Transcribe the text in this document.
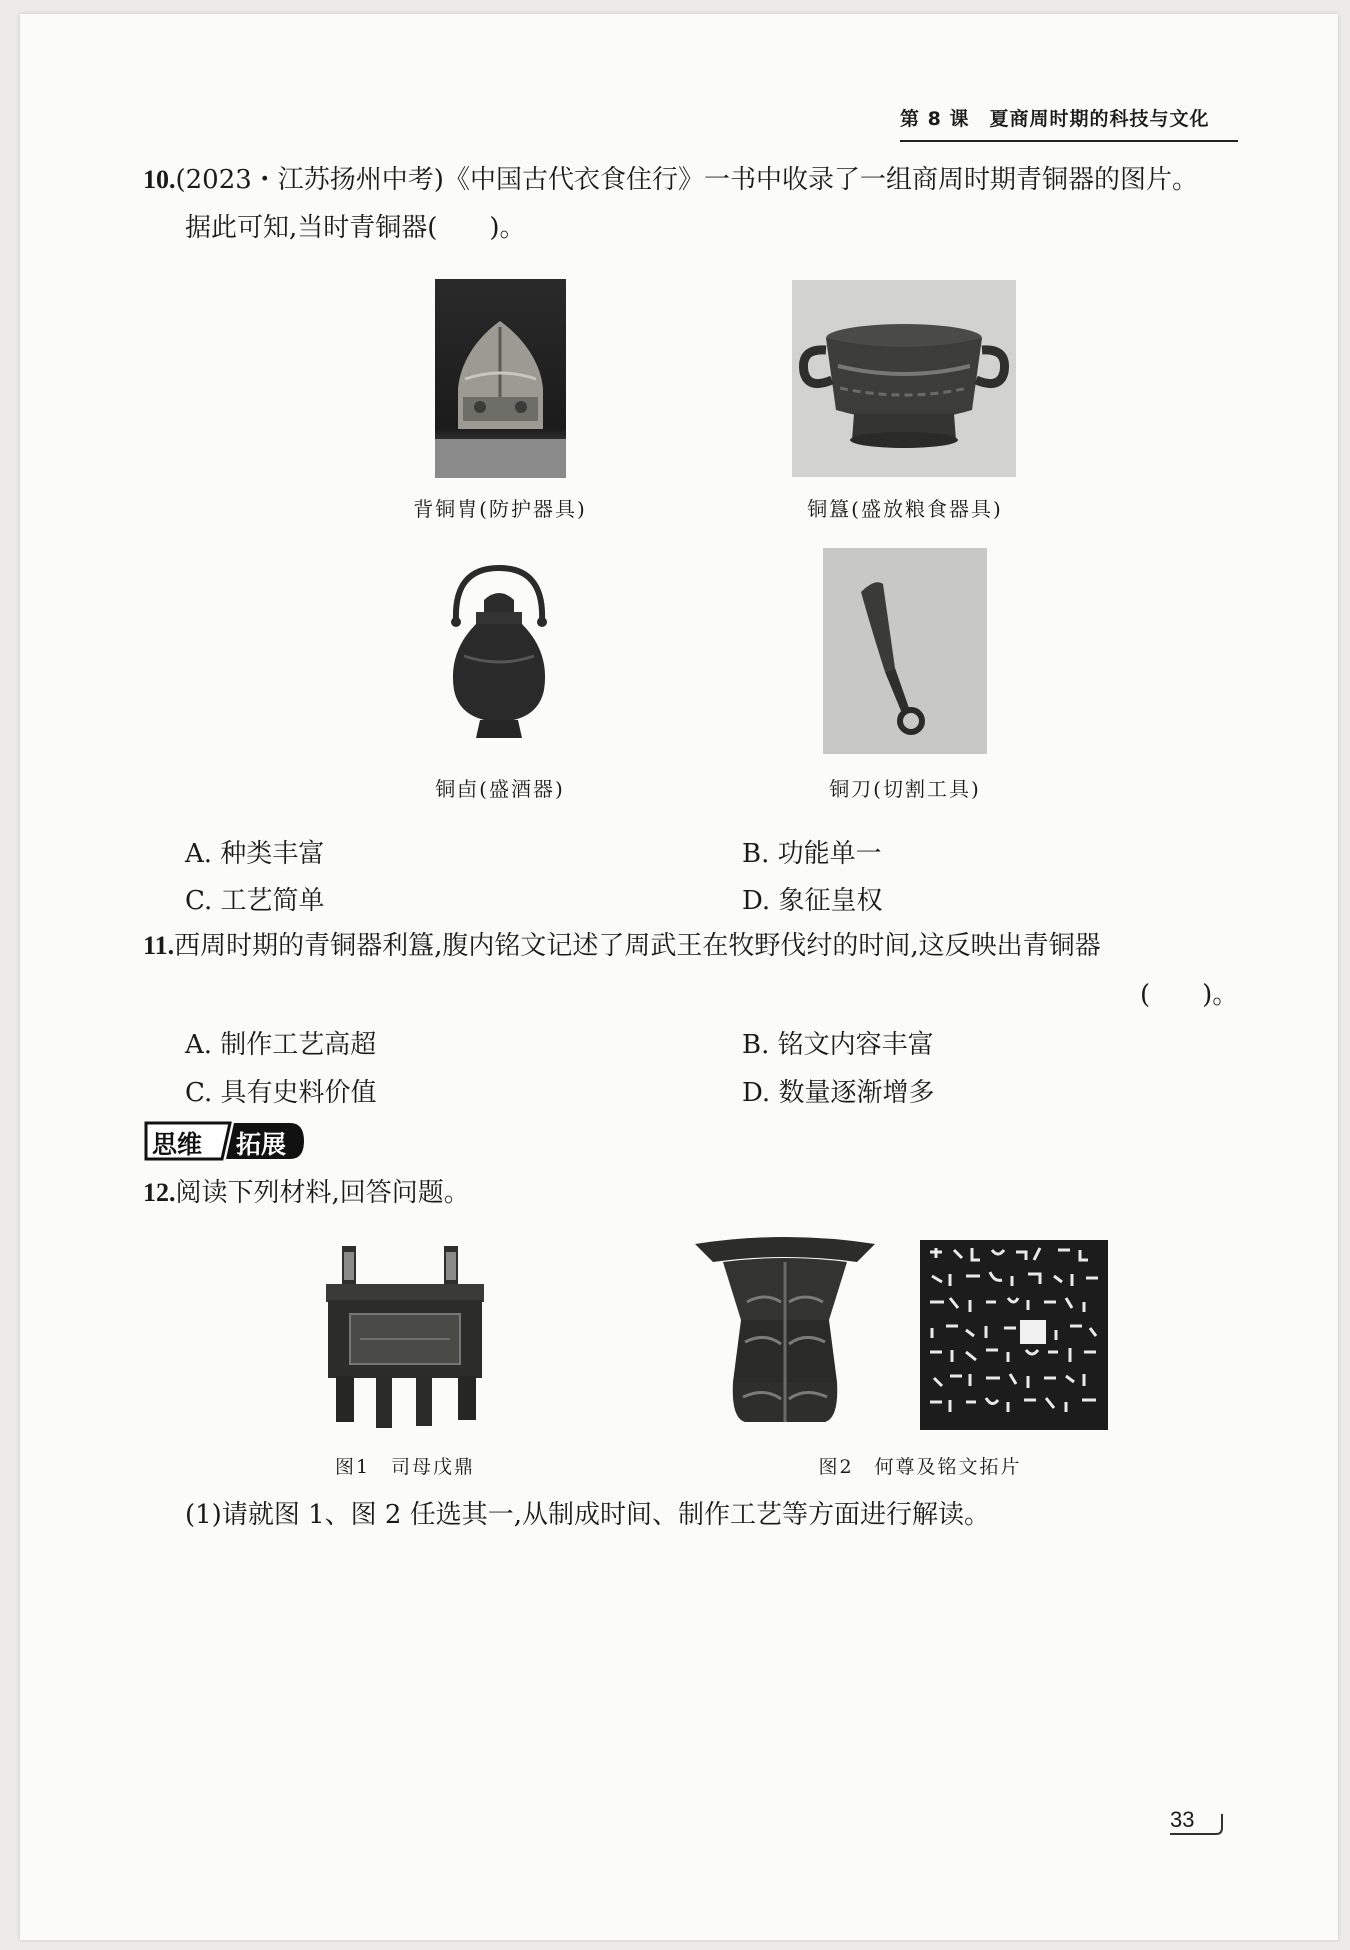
第 8 课　夏商周时期的科技与文化
10.(2023・江苏扬州中考)《中国古代衣食住行》一书中收录了一组商周时期青铜器的图片。
据此可知,当时青铜器(　　)。
背铜胄(防护器具)	铜簋(盛放粮食器具)
铜卣(盛酒器)	铜刀(切割工具)
A. 种类丰富	B. 功能单一
C. 工艺简单	D. 象征皇权
11.西周时期的青铜器利簋,腹内铭文记述了周武王在牧野伐纣的时间,这反映出青铜器
(　　)。
A. 制作工艺高超	B. 铭文内容丰富
C. 具有史料价值	D. 数量逐渐增多
思维 拓展
12.阅读下列材料,回答问题。
图1　司母戊鼎	图2　何尊及铭文拓片
(1)请就图 1、图 2 任选其一,从制成时间、制作工艺等方面进行解读。
33
